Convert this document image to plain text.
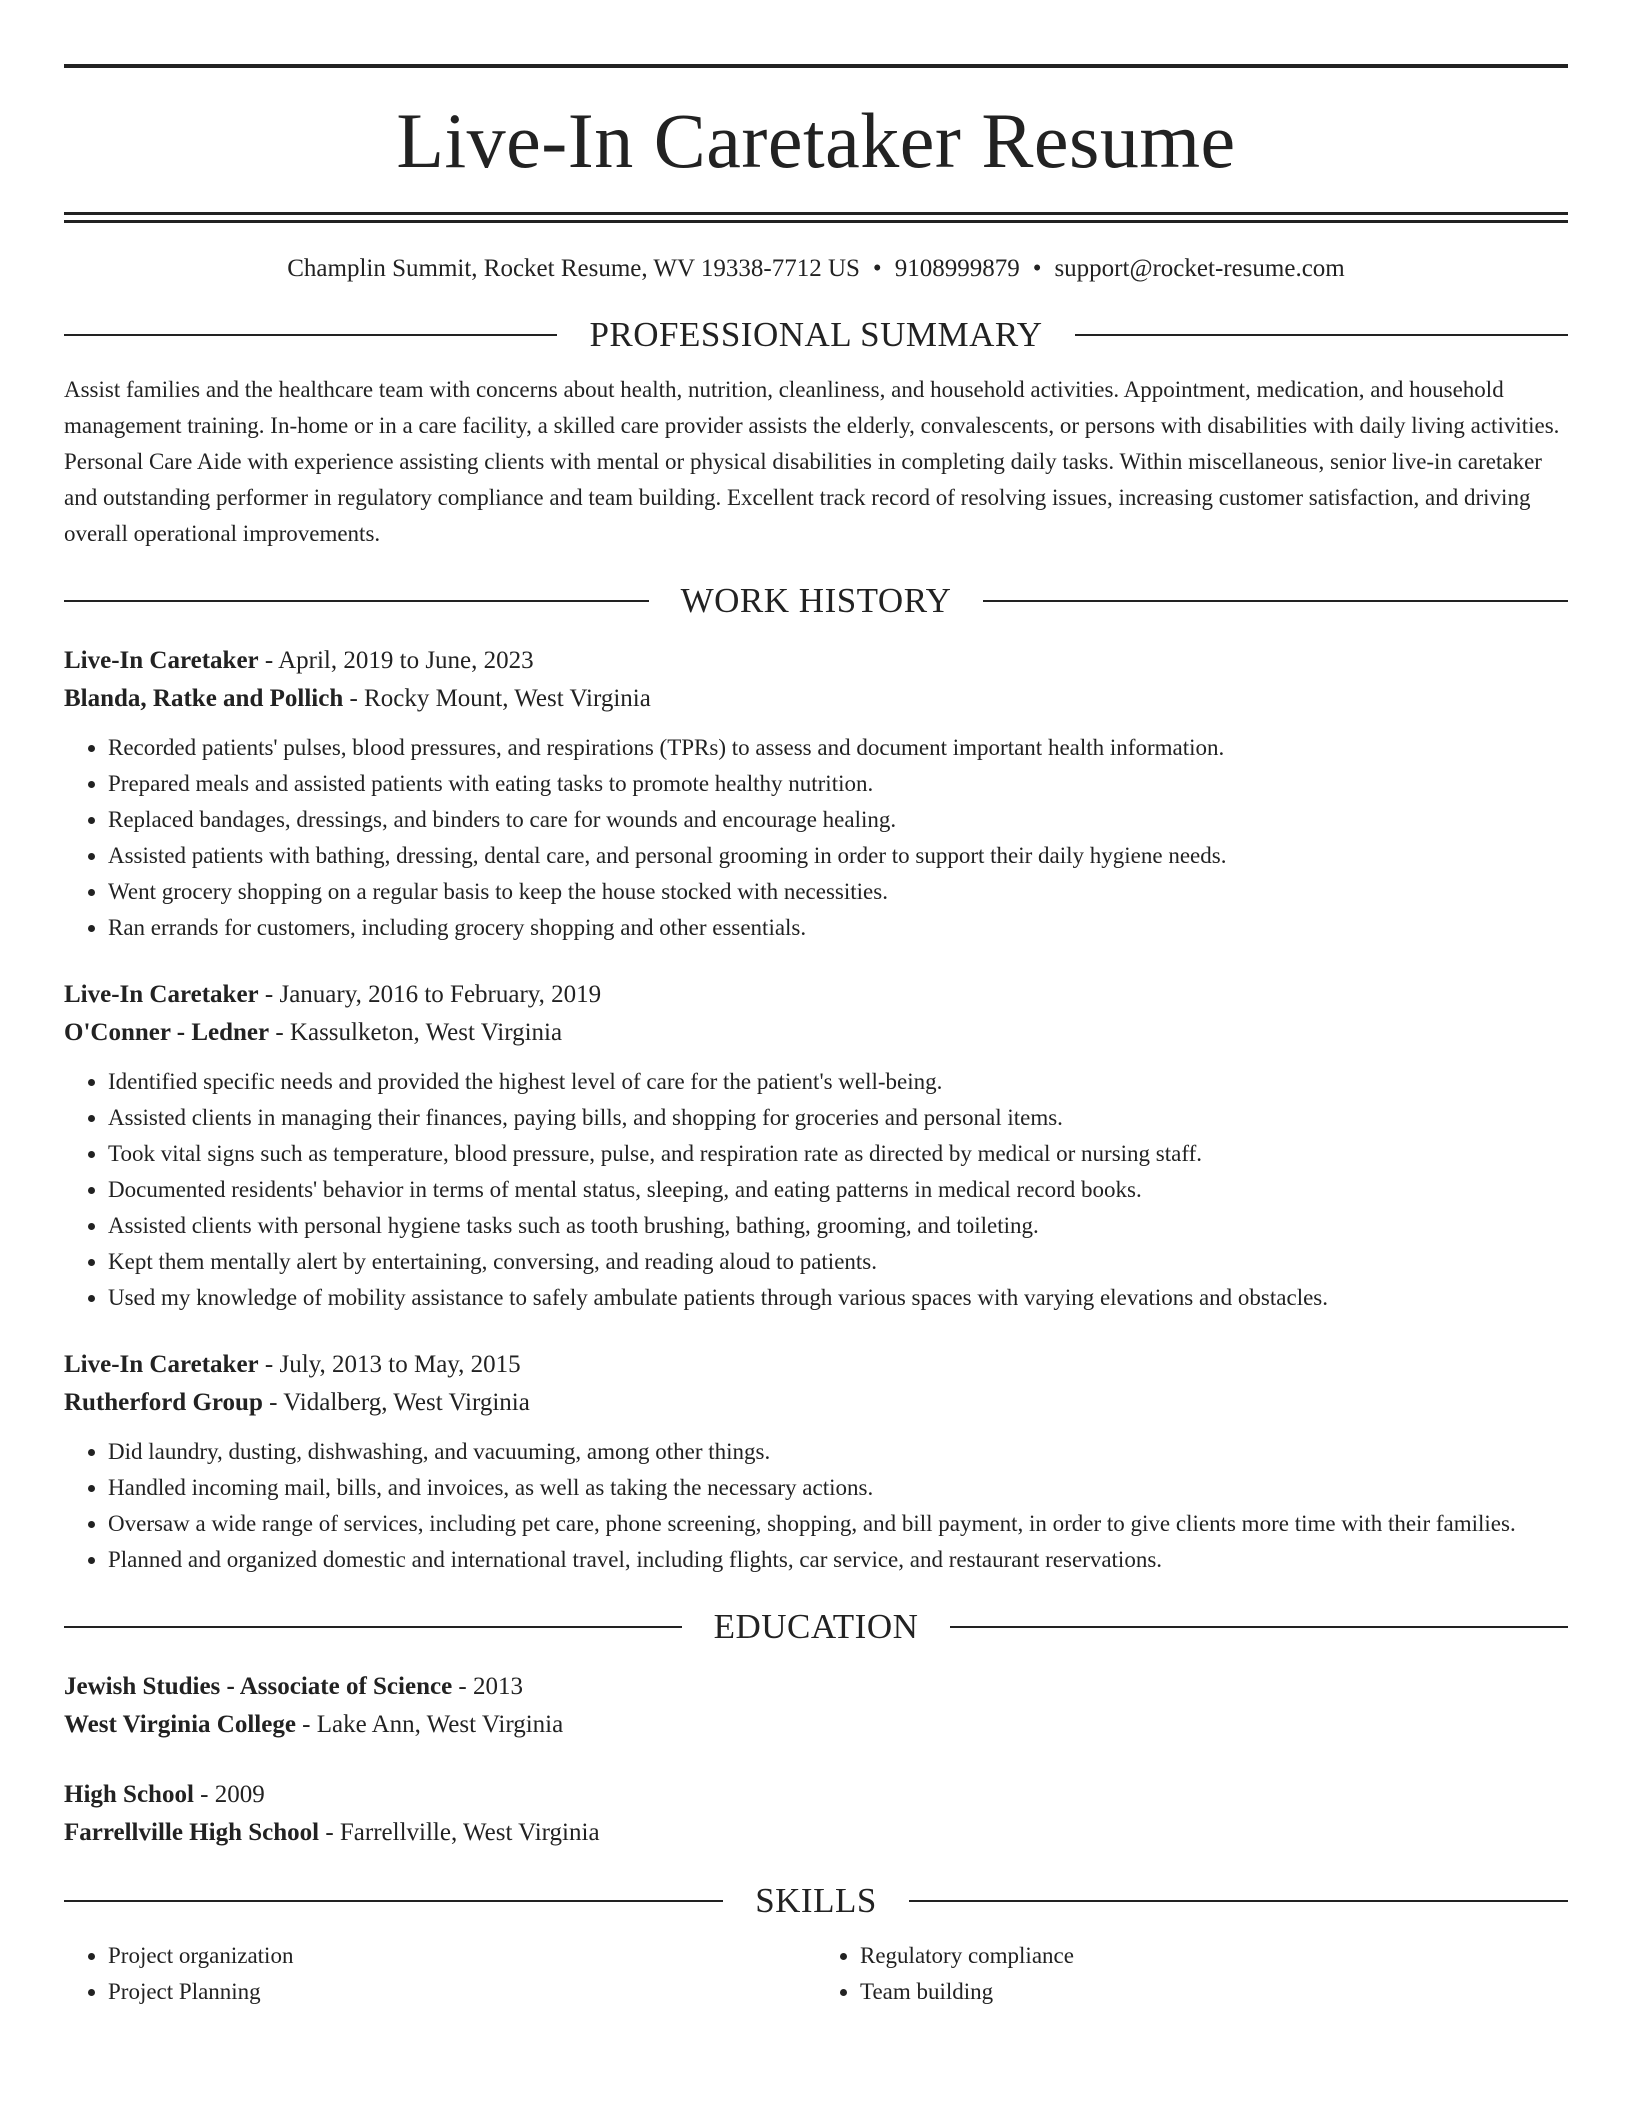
Live-In Caretaker Resume
Champlin Summit, Rocket Resume, WV 19338-7712 US • 9108999879 • support@rocket-resume.com
PROFESSIONAL SUMMARY
Assist families and the healthcare team with concerns about health, nutrition, cleanliness, and household activities. Appointment, medication, and household management training. In-home or in a care facility, a skilled care provider assists the elderly, convalescents, or persons with disabilities with daily living activities. Personal Care Aide with experience assisting clients with mental or physical disabilities in completing daily tasks. Within miscellaneous, senior live-in caretaker and outstanding performer in regulatory compliance and team building. Excellent track record of resolving issues, increasing customer satisfaction, and driving overall operational improvements.
WORK HISTORY
Live-In Caretaker - April, 2019 to June, 2023
Blanda, Ratke and Pollich - Rocky Mount, West Virginia
• Recorded patients' pulses, blood pressures, and respirations (TPRs) to assess and document important health information.
• Prepared meals and assisted patients with eating tasks to promote healthy nutrition.
• Replaced bandages, dressings, and binders to care for wounds and encourage healing.
• Assisted patients with bathing, dressing, dental care, and personal grooming in order to support their daily hygiene needs.
• Went grocery shopping on a regular basis to keep the house stocked with necessities.
• Ran errands for customers, including grocery shopping and other essentials.
Live-In Caretaker - January, 2016 to February, 2019
O'Conner - Ledner - Kassulketon, West Virginia
• Identified specific needs and provided the highest level of care for the patient's well-being.
• Assisted clients in managing their finances, paying bills, and shopping for groceries and personal items.
• Took vital signs such as temperature, blood pressure, pulse, and respiration rate as directed by medical or nursing staff.
• Documented residents' behavior in terms of mental status, sleeping, and eating patterns in medical record books.
• Assisted clients with personal hygiene tasks such as tooth brushing, bathing, grooming, and toileting.
• Kept them mentally alert by entertaining, conversing, and reading aloud to patients.
• Used my knowledge of mobility assistance to safely ambulate patients through various spaces with varying elevations and obstacles.
Live-In Caretaker - July, 2013 to May, 2015
Rutherford Group - Vidalberg, West Virginia
• Did laundry, dusting, dishwashing, and vacuuming, among other things.
• Handled incoming mail, bills, and invoices, as well as taking the necessary actions.
• Oversaw a wide range of services, including pet care, phone screening, shopping, and bill payment, in order to give clients more time with their families.
• Planned and organized domestic and international travel, including flights, car service, and restaurant reservations.
EDUCATION
Jewish Studies - Associate of Science - 2013
West Virginia College - Lake Ann, West Virginia
High School - 2009
Farrellville High School - Farrellville, West Virginia
SKILLS
• Project organization
• Project Planning
• Regulatory compliance
• Team building
